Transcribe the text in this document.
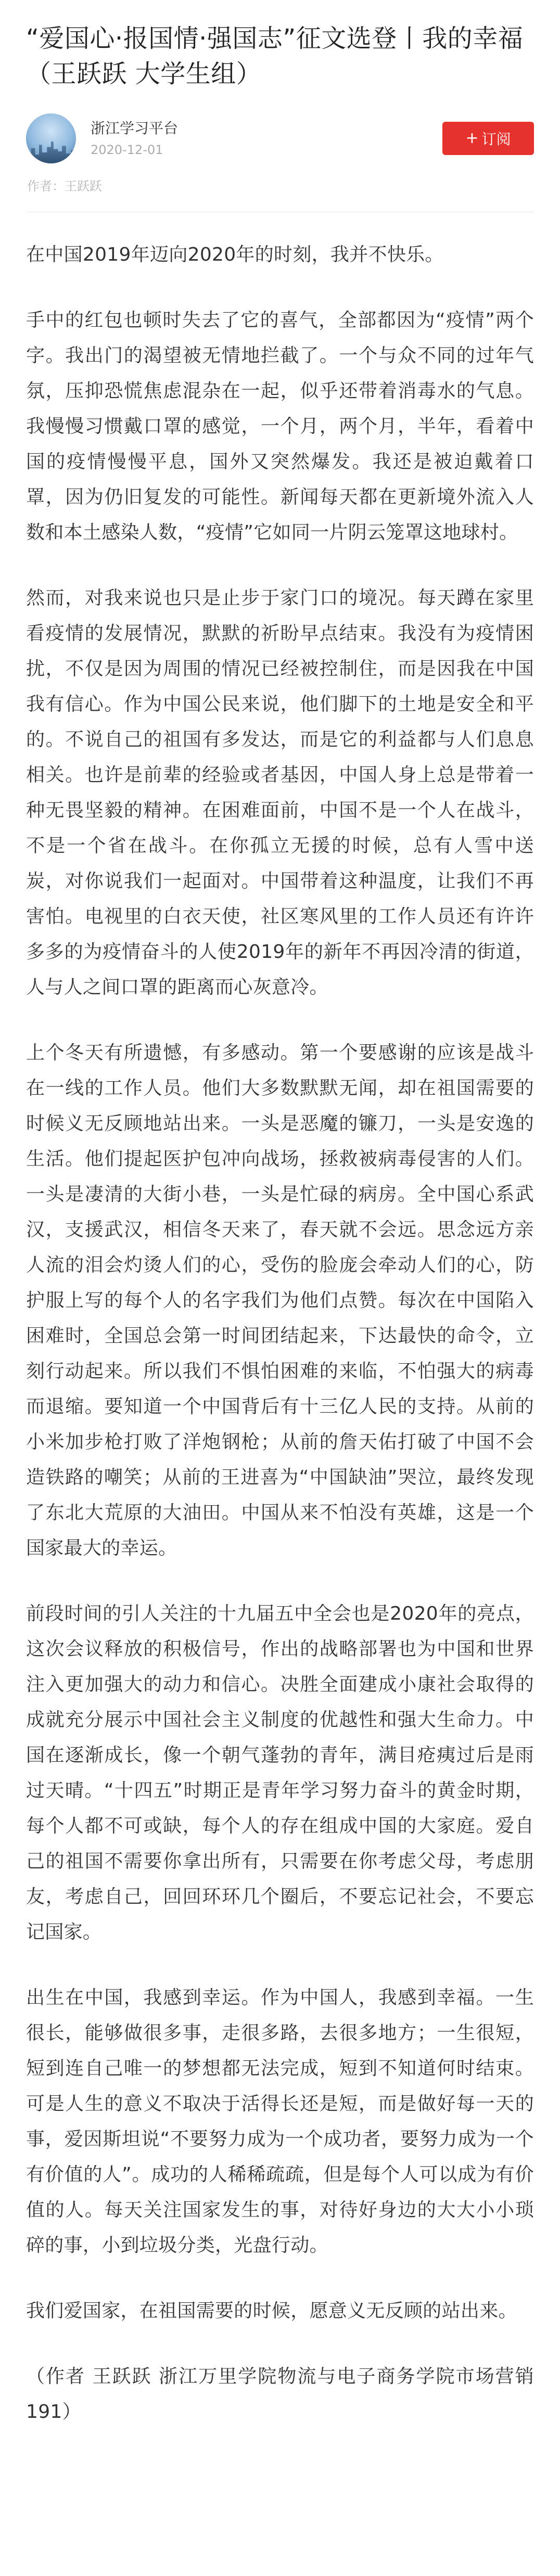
“爱国心·报国情·强国志”征文选登丨我的幸福（王跃跃 大学生组）
浙江学习平台
2020-12-01
+ 订阅
作者：王跃跃

在中国2019年迈向2020年的时刻，我并不快乐。

手中的红包也顿时失去了它的喜气，全部都因为“疫情”两个字。我出门的渴望被无情地拦截了。一个与众不同的过年气氛，压抑恐慌焦虑混杂在一起，似乎还带着消毒水的气息。我慢慢习惯戴口罩的感觉，一个月，两个月，半年，看着中国的疫情慢慢平息，国外又突然爆发。我还是被迫戴着口罩，因为仍旧复发的可能性。新闻每天都在更新境外流入人数和本土感染人数，“疫情”它如同一片阴云笼罩这地球村。

然而，对我来说也只是止步于家门口的境况。每天蹲在家里看疫情的发展情况，默默的祈盼早点结束。我没有为疫情困扰，不仅是因为周围的情况已经被控制住，而是因我在中国我有信心。作为中国公民来说，他们脚下的土地是安全和平的。不说自己的祖国有多发达，而是它的利益都与人们息息相关。也许是前辈的经验或者基因，中国人身上总是带着一种无畏坚毅的精神。在困难面前，中国不是一个人在战斗，不是一个省在战斗。在你孤立无援的时候，总有人雪中送炭，对你说我们一起面对。中国带着这种温度，让我们不再害怕。电视里的白衣天使，社区寒风里的工作人员还有许许多多的为疫情奋斗的人使2019年的新年不再因冷清的街道，人与人之间口罩的距离而心灰意冷。

上个冬天有所遗憾，有多感动。第一个要感谢的应该是战斗在一线的工作人员。他们大多数默默无闻，却在祖国需要的时候义无反顾地站出来。一头是恶魔的镰刀，一头是安逸的生活。他们提起医护包冲向战场，拯救被病毒侵害的人们。一头是凄清的大街小巷，一头是忙碌的病房。全中国心系武汉，支援武汉，相信冬天来了，春天就不会远。思念远方亲人流的泪会灼烫人们的心，受伤的脸庞会牵动人们的心，防护服上写的每个人的名字我们为他们点赞。每次在中国陷入困难时，全国总会第一时间团结起来，下达最快的命令，立刻行动起来。所以我们不惧怕困难的来临，不怕强大的病毒而退缩。要知道一个中国背后有十三亿人民的支持。从前的小米加步枪打败了洋炮钢枪；从前的詹天佑打破了中国不会造铁路的嘲笑；从前的王进喜为“中国缺油”哭泣，最终发现了东北大荒原的大油田。中国从来不怕没有英雄，这是一个国家最大的幸运。

前段时间的引人关注的十九届五中全会也是2020年的亮点，这次会议释放的积极信号，作出的战略部署也为中国和世界注入更加强大的动力和信心。决胜全面建成小康社会取得的成就充分展示中国社会主义制度的优越性和强大生命力。中国在逐渐成长，像一个朝气蓬勃的青年，满目疮痍过后是雨过天晴。“十四五”时期正是青年学习努力奋斗的黄金时期，每个人都不可或缺，每个人的存在组成中国的大家庭。爱自己的祖国不需要你拿出所有，只需要在你考虑父母，考虑朋友，考虑自己，回回环环几个圈后，不要忘记社会，不要忘记国家。

出生在中国，我感到幸运。作为中国人，我感到幸福。一生很长，能够做很多事，走很多路，去很多地方；一生很短，短到连自己唯一的梦想都无法完成，短到不知道何时结束。可是人生的意义不取决于活得长还是短，而是做好每一天的事，爱因斯坦说“不要努力成为一个成功者，要努力成为一个有价值的人”。成功的人稀稀疏疏，但是每个人可以成为有价值的人。每天关注国家发生的事，对待好身边的大大小小琐碎的事，小到垃圾分类，光盘行动。

我们爱国家，在祖国需要的时候，愿意义无反顾的站出来。

（作者 王跃跃 浙江万里学院物流与电子商务学院市场营销191）
